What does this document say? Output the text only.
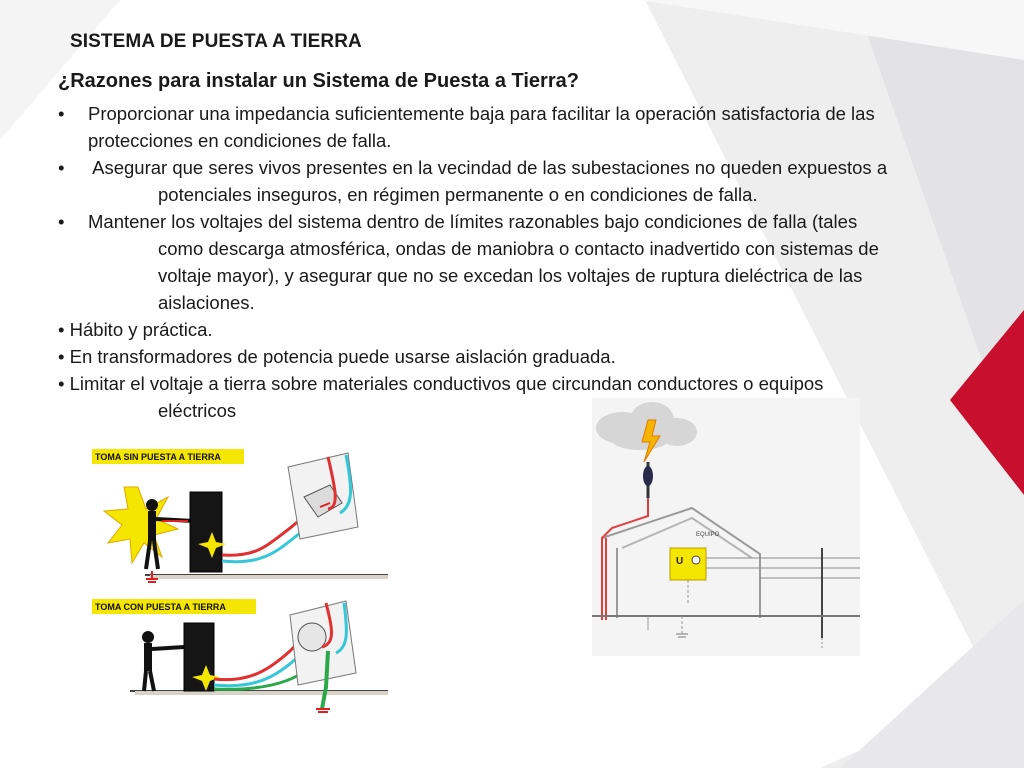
SISTEMA DE PUESTA A TIERRA
¿Razones para instalar un Sistema de Puesta a Tierra?
•	Proporcionar una impedancia suficientemente baja para facilitar la operación satisfactoria de las
protecciones en condiciones de falla.
•	Asegurar que seres vivos presentes en la vecindad de las subestaciones no queden expuestos a
potenciales inseguros, en régimen permanente o en condiciones de falla.
•	Mantener los voltajes del sistema dentro de límites razonables bajo condiciones de falla (tales
como descarga atmosférica, ondas de maniobra o contacto inadvertido con sistemas de
voltaje mayor), y asegurar que no se excedan los voltajes de ruptura dieléctrica de las
aislaciones.
• Hábito y práctica.
• En transformadores de potencia puede usarse aislación graduada.
• Limitar el voltaje a tierra sobre materiales conductivos que circundan conductores o equipos
eléctricos
TOMA SIN PUESTA A TIERRA
TOMA CON PUESTA A TIERRA
EQUIPO
U
